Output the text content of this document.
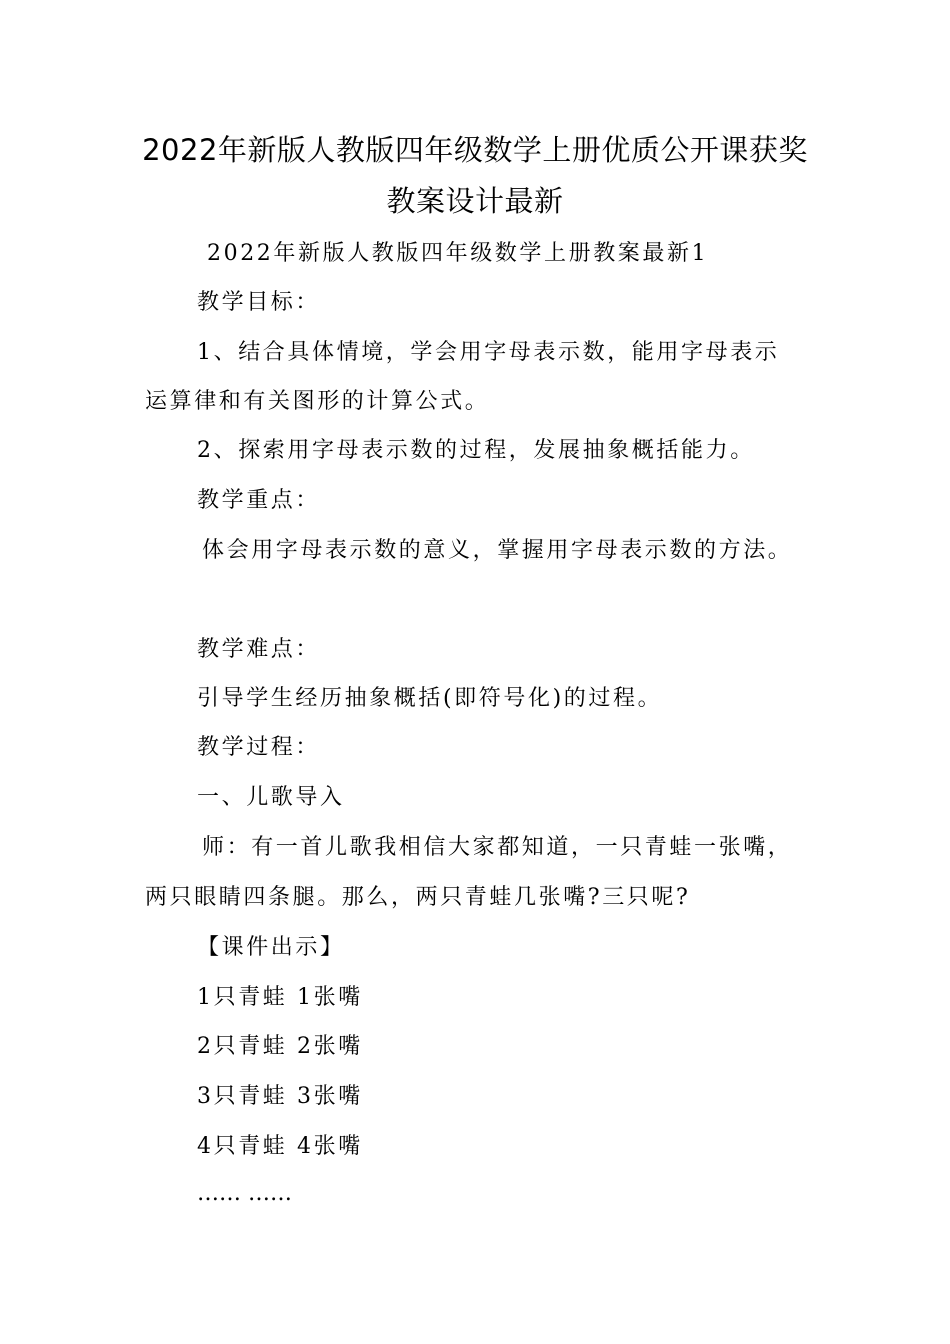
2022年新版人教版四年级数学上册优质公开课获奖
教案设计最新
2022年新版人教版四年级数学上册教案最新1
教学目标：
1、结合具体情境，学会用字母表示数，能用字母表示
运算律和有关图形的计算公式。
2、探索用字母表示数的过程，发展抽象概括能力。
教学重点：
体会用字母表示数的意义，掌握用字母表示数的方法。
教学难点：
引导学生经历抽象概括(即符号化)的过程。
教学过程：
一、儿歌导入
师：有一首儿歌我相信大家都知道，一只青蛙一张嘴，
两只眼睛四条腿。那么，两只青蛙几张嘴?三只呢?
【课件出示】
1只青蛙 1张嘴
2只青蛙 2张嘴
3只青蛙 3张嘴
4只青蛙 4张嘴
…… ……
